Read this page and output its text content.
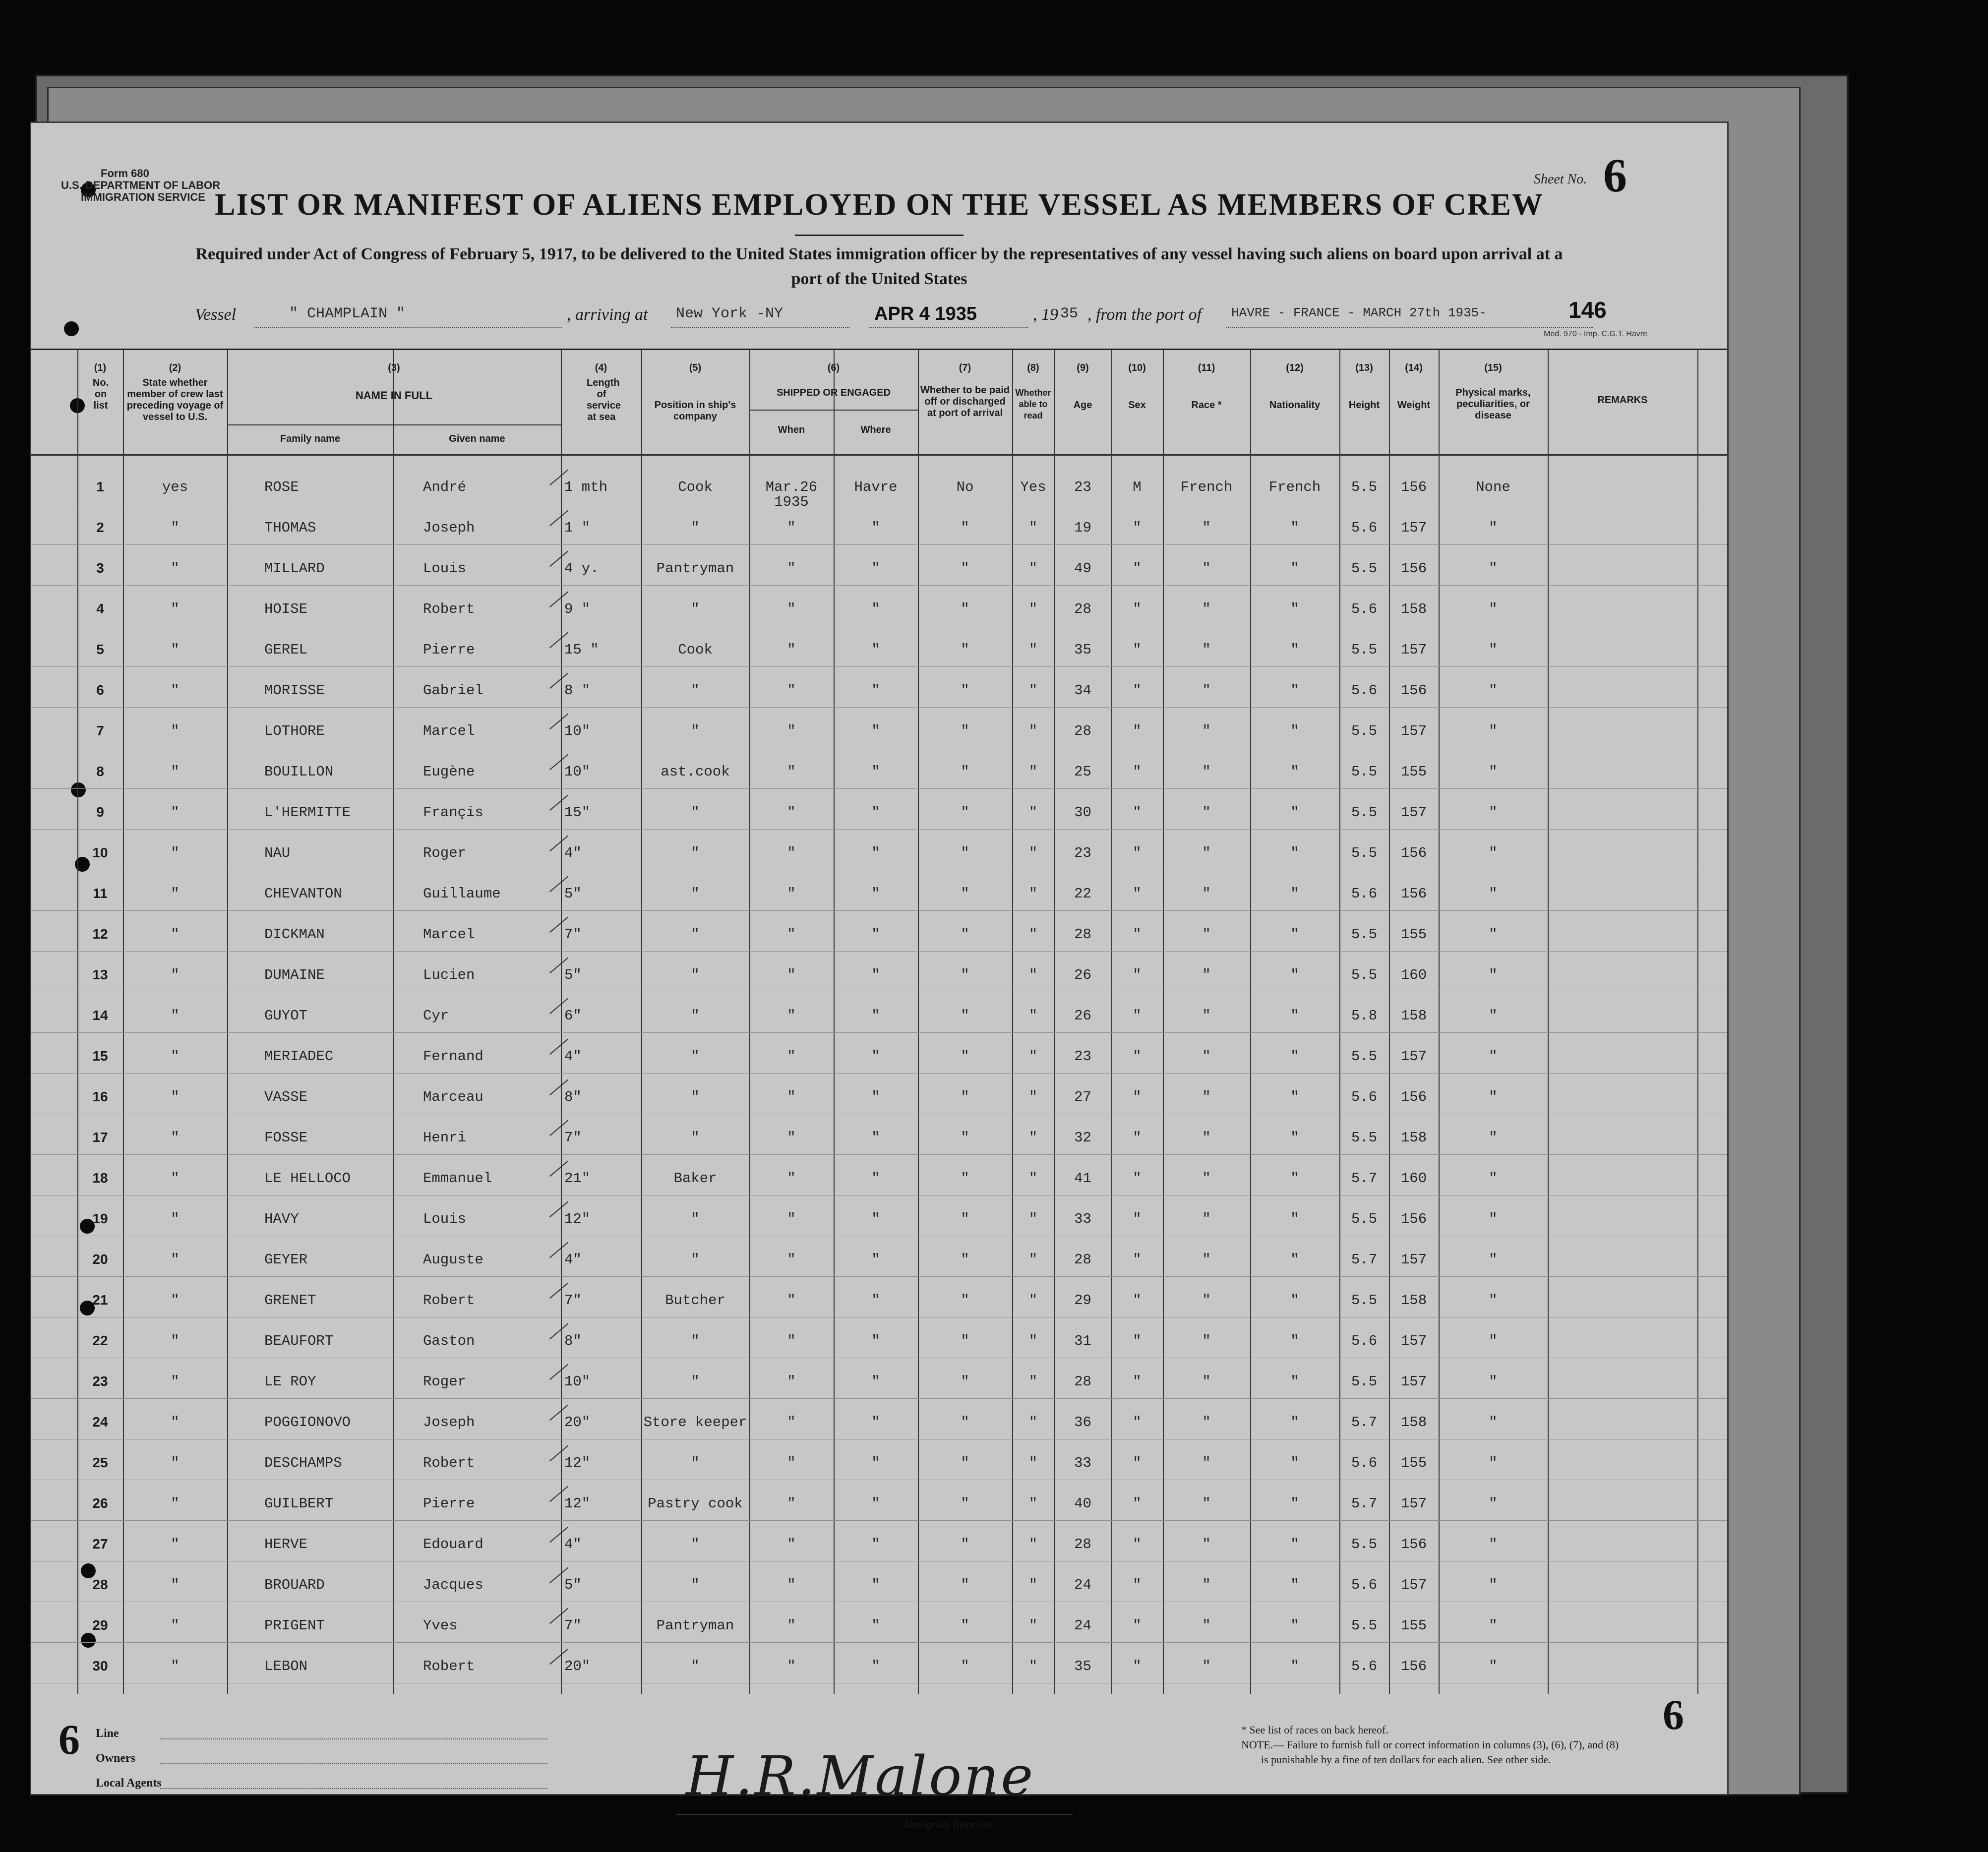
Form 680
U.S. DEPARTMENT OF LABOR
IMMIGRATION SERVICE
Sheet No. 6
LIST OR MANIFEST OF ALIENS EMPLOYED ON THE VESSEL AS MEMBERS OF CREW
Required under Act of Congress of February 5, 1917, to be delivered to the United States immigration officer by the representatives of any vessel having such aliens on board upon arrival at a
port of the United States
Vessel	" CHAMPLAIN "	, arriving at New York -NY	APR 4 1935	, 19 35 , from the port of HAVRE - FRANCE - MARCH 27th 1935-	146
Mod. 970 - Imp. C.G.T. Havre
(1)
No. on list
(2)
State whether member of crew last preceding voyage of vessel to U.S.
(3)
NAME IN FULL
Family name	Given name
(4)
Length of service at sea
(5)
Position in ship's company
(6)
SHIPPED OR ENGAGED
When	Where
(7)
Whether to be paid off or discharged at port of arrival
(8)
Whether able to read
(9)
Age
(10)
Sex
(11)
Race *
(12)
Nationality
(13)
Height
(14)
Weight
(15)
Physical marks, peculiarities, or disease
REMARKS
1	yes	ROSE	André	1 mth	Cook	Mar.26	Havre	No	Yes	23	M	French	French	5.5	156	None
1935
2	"	THOMAS	Joseph	1 "	"	"	"	"	"	19	"	"	"	5.6	157	"
3	"	MILLARD	Louis	4 y.	Pantryman	"	"	"	"	49	"	"	"	5.5	156	"
4	"	HOISE	Robert	9 "	"	"	"	"	"	28	"	"	"	5.6	158	"
5	"	GEREL	Pierre	15 "	Cook	"	"	"	"	35	"	"	"	5.5	157	"
6	"	MORISSE	Gabriel	8 "	"	"	"	"	"	34	"	"	"	5.6	156	"
7	"	LOTHORE	Marcel	10"	"	"	"	"	"	28	"	"	"	5.5	157	"
8	"	BOUILLON	Eugène	10"	ast.cook	"	"	"	"	25	"	"	"	5.5	155	"
9	"	L'HERMITTE	Françis	15"	"	"	"	"	"	30	"	"	"	5.5	157	"
10	"	NAU	Roger	4"	"	"	"	"	"	23	"	"	"	5.5	156	"
11	"	CHEVANTON	Guillaume	5"	"	"	"	"	"	22	"	"	"	5.6	156	"
12	"	DICKMAN	Marcel	7"	"	"	"	"	"	28	"	"	"	5.5	155	"
13	"	DUMAINE	Lucien	5"	"	"	"	"	"	26	"	"	"	5.5	160	"
14	"	GUYOT	Cyr	6"	"	"	"	"	"	26	"	"	"	5.8	158	"
15	"	MERIADEC	Fernand	4"	"	"	"	"	"	23	"	"	"	5.5	157	"
16	"	VASSE	Marceau	8"	"	"	"	"	"	27	"	"	"	5.6	156	"
17	"	FOSSE	Henri	7"	"	"	"	"	"	32	"	"	"	5.5	158	"
18	"	LE HELLOCO	Emmanuel	21"	Baker	"	"	"	"	41	"	"	"	5.7	160	"
19	"	HAVY	Louis	12"	"	"	"	"	"	33	"	"	"	5.5	156	"
20	"	GEYER	Auguste	4"	"	"	"	"	"	28	"	"	"	5.7	157	"
21	"	GRENET	Robert	7"	Butcher	"	"	"	"	29	"	"	"	5.5	158	"
22	"	BEAUFORT	Gaston	8"	"	"	"	"	"	31	"	"	"	5.6	157	"
23	"	LE ROY	Roger	10"	"	"	"	"	"	28	"	"	"	5.5	157	"
24	"	POGGIONOVO	Joseph	20"	Store keeper	"	"	"	"	36	"	"	"	5.7	158	"
25	"	DESCHAMPS	Robert	12"	"	"	"	"	"	33	"	"	"	5.6	155	"
26	"	GUILBERT	Pierre	12"	Pastry cook	"	"	"	"	40	"	"	"	5.7	157	"
27	"	HERVE	Edouard	4"	"	"	"	"	"	28	"	"	"	5.5	156	"
28	"	BROUARD	Jacques	5"	"	"	"	"	"	24	"	"	"	5.6	157	"
29	"	PRIGENT	Yves	7"	Pantryman	"	"	"	"	24	"	"	"	5.5	155	"
30	"	LEBON	Robert	20"	"	"	"	"	"	35	"	"	"	5.6	156	"
6
6
Line
Owners
Local Agents	H.R.Malone
Immigrant Inspector.
* See list of races on back hereof.
NOTE.— Failure to furnish full or correct information in columns (3), (6), (7), and (8)
is punishable by a fine of ten dollars for each alien. See other side.
